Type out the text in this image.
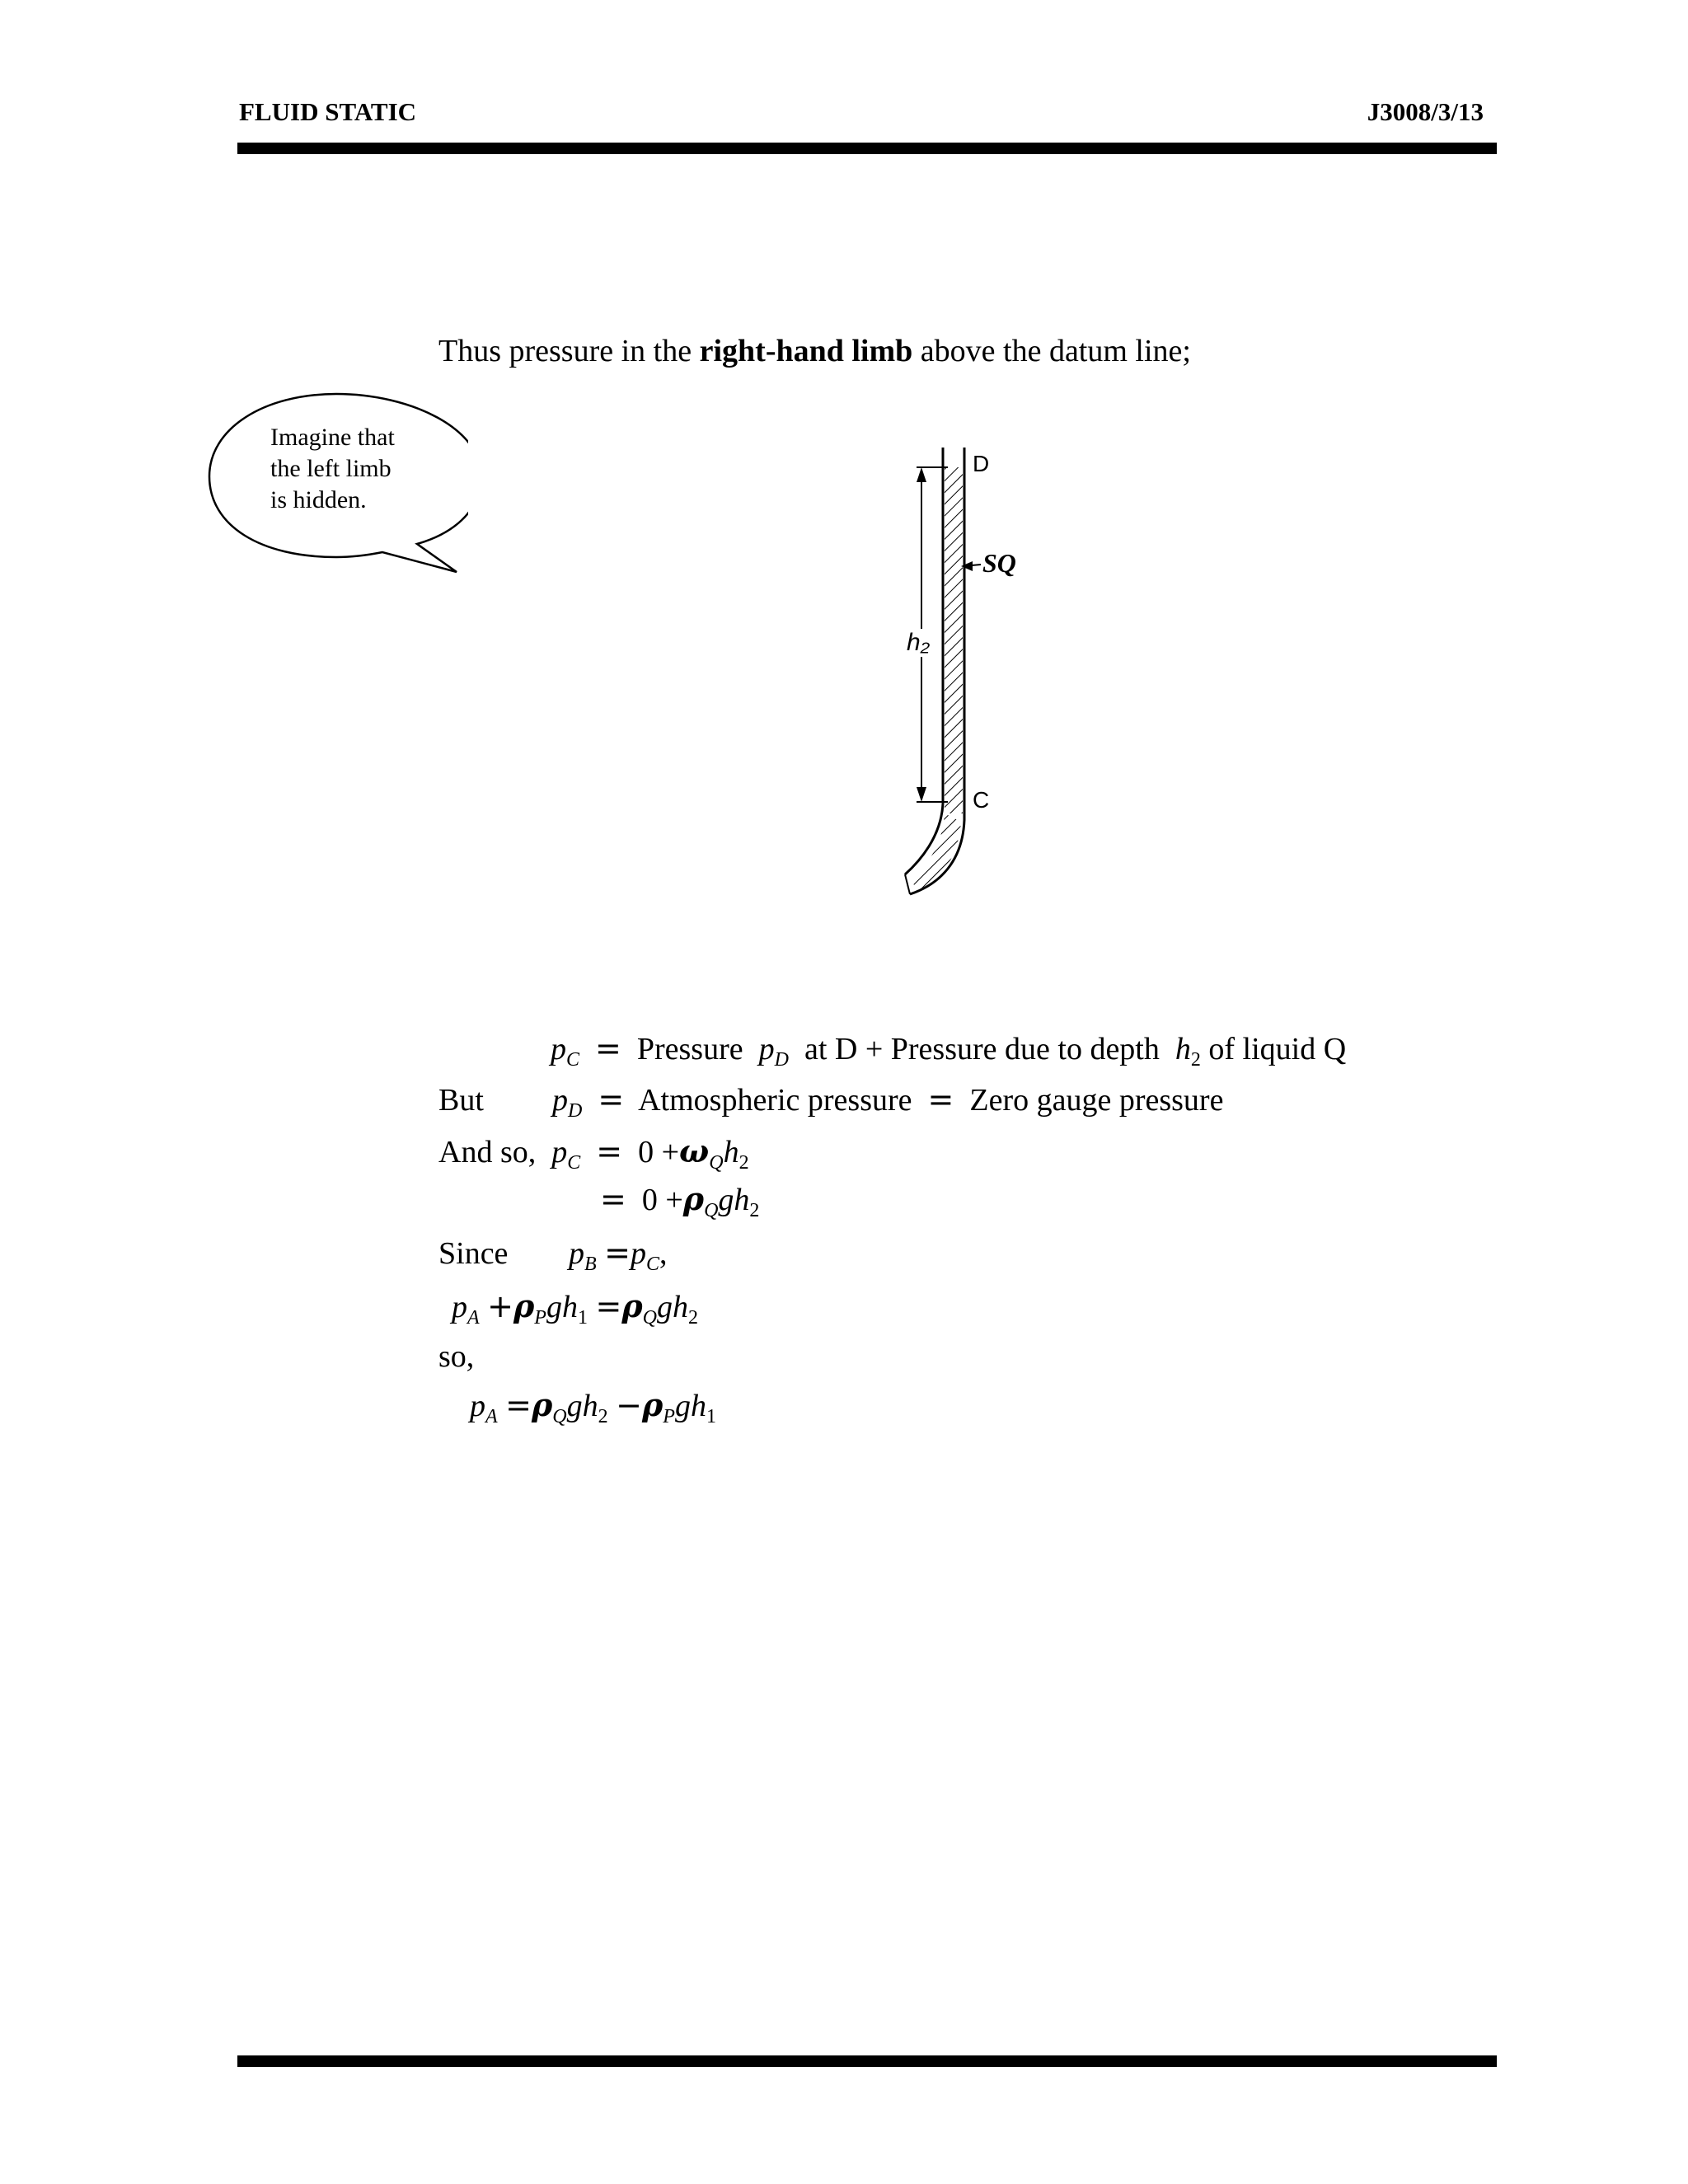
FLUID STATIC	J3008/3/13
Thus pressure in the right-hand limb above the datum line;
Imagine that
the left limb
is hidden.
D
C
SQ
h₂
$p_C$ = Pressure $p_D$ at D + Pressure due to depth $h_2$ of liquid Q
But $p_D$ = Atmospheric pressure = Zero gauge pressure
And so, $p_C = 0 +\omega_Qh_2$
= $0 +\rho_Qgh_2$
Since $p_B =p_C$,
$p_A +\rho_Pgh_1 =\rho_Qgh_2$
so,
$p_A =\rho_Qgh_2 -\rho_Pgh_1$
